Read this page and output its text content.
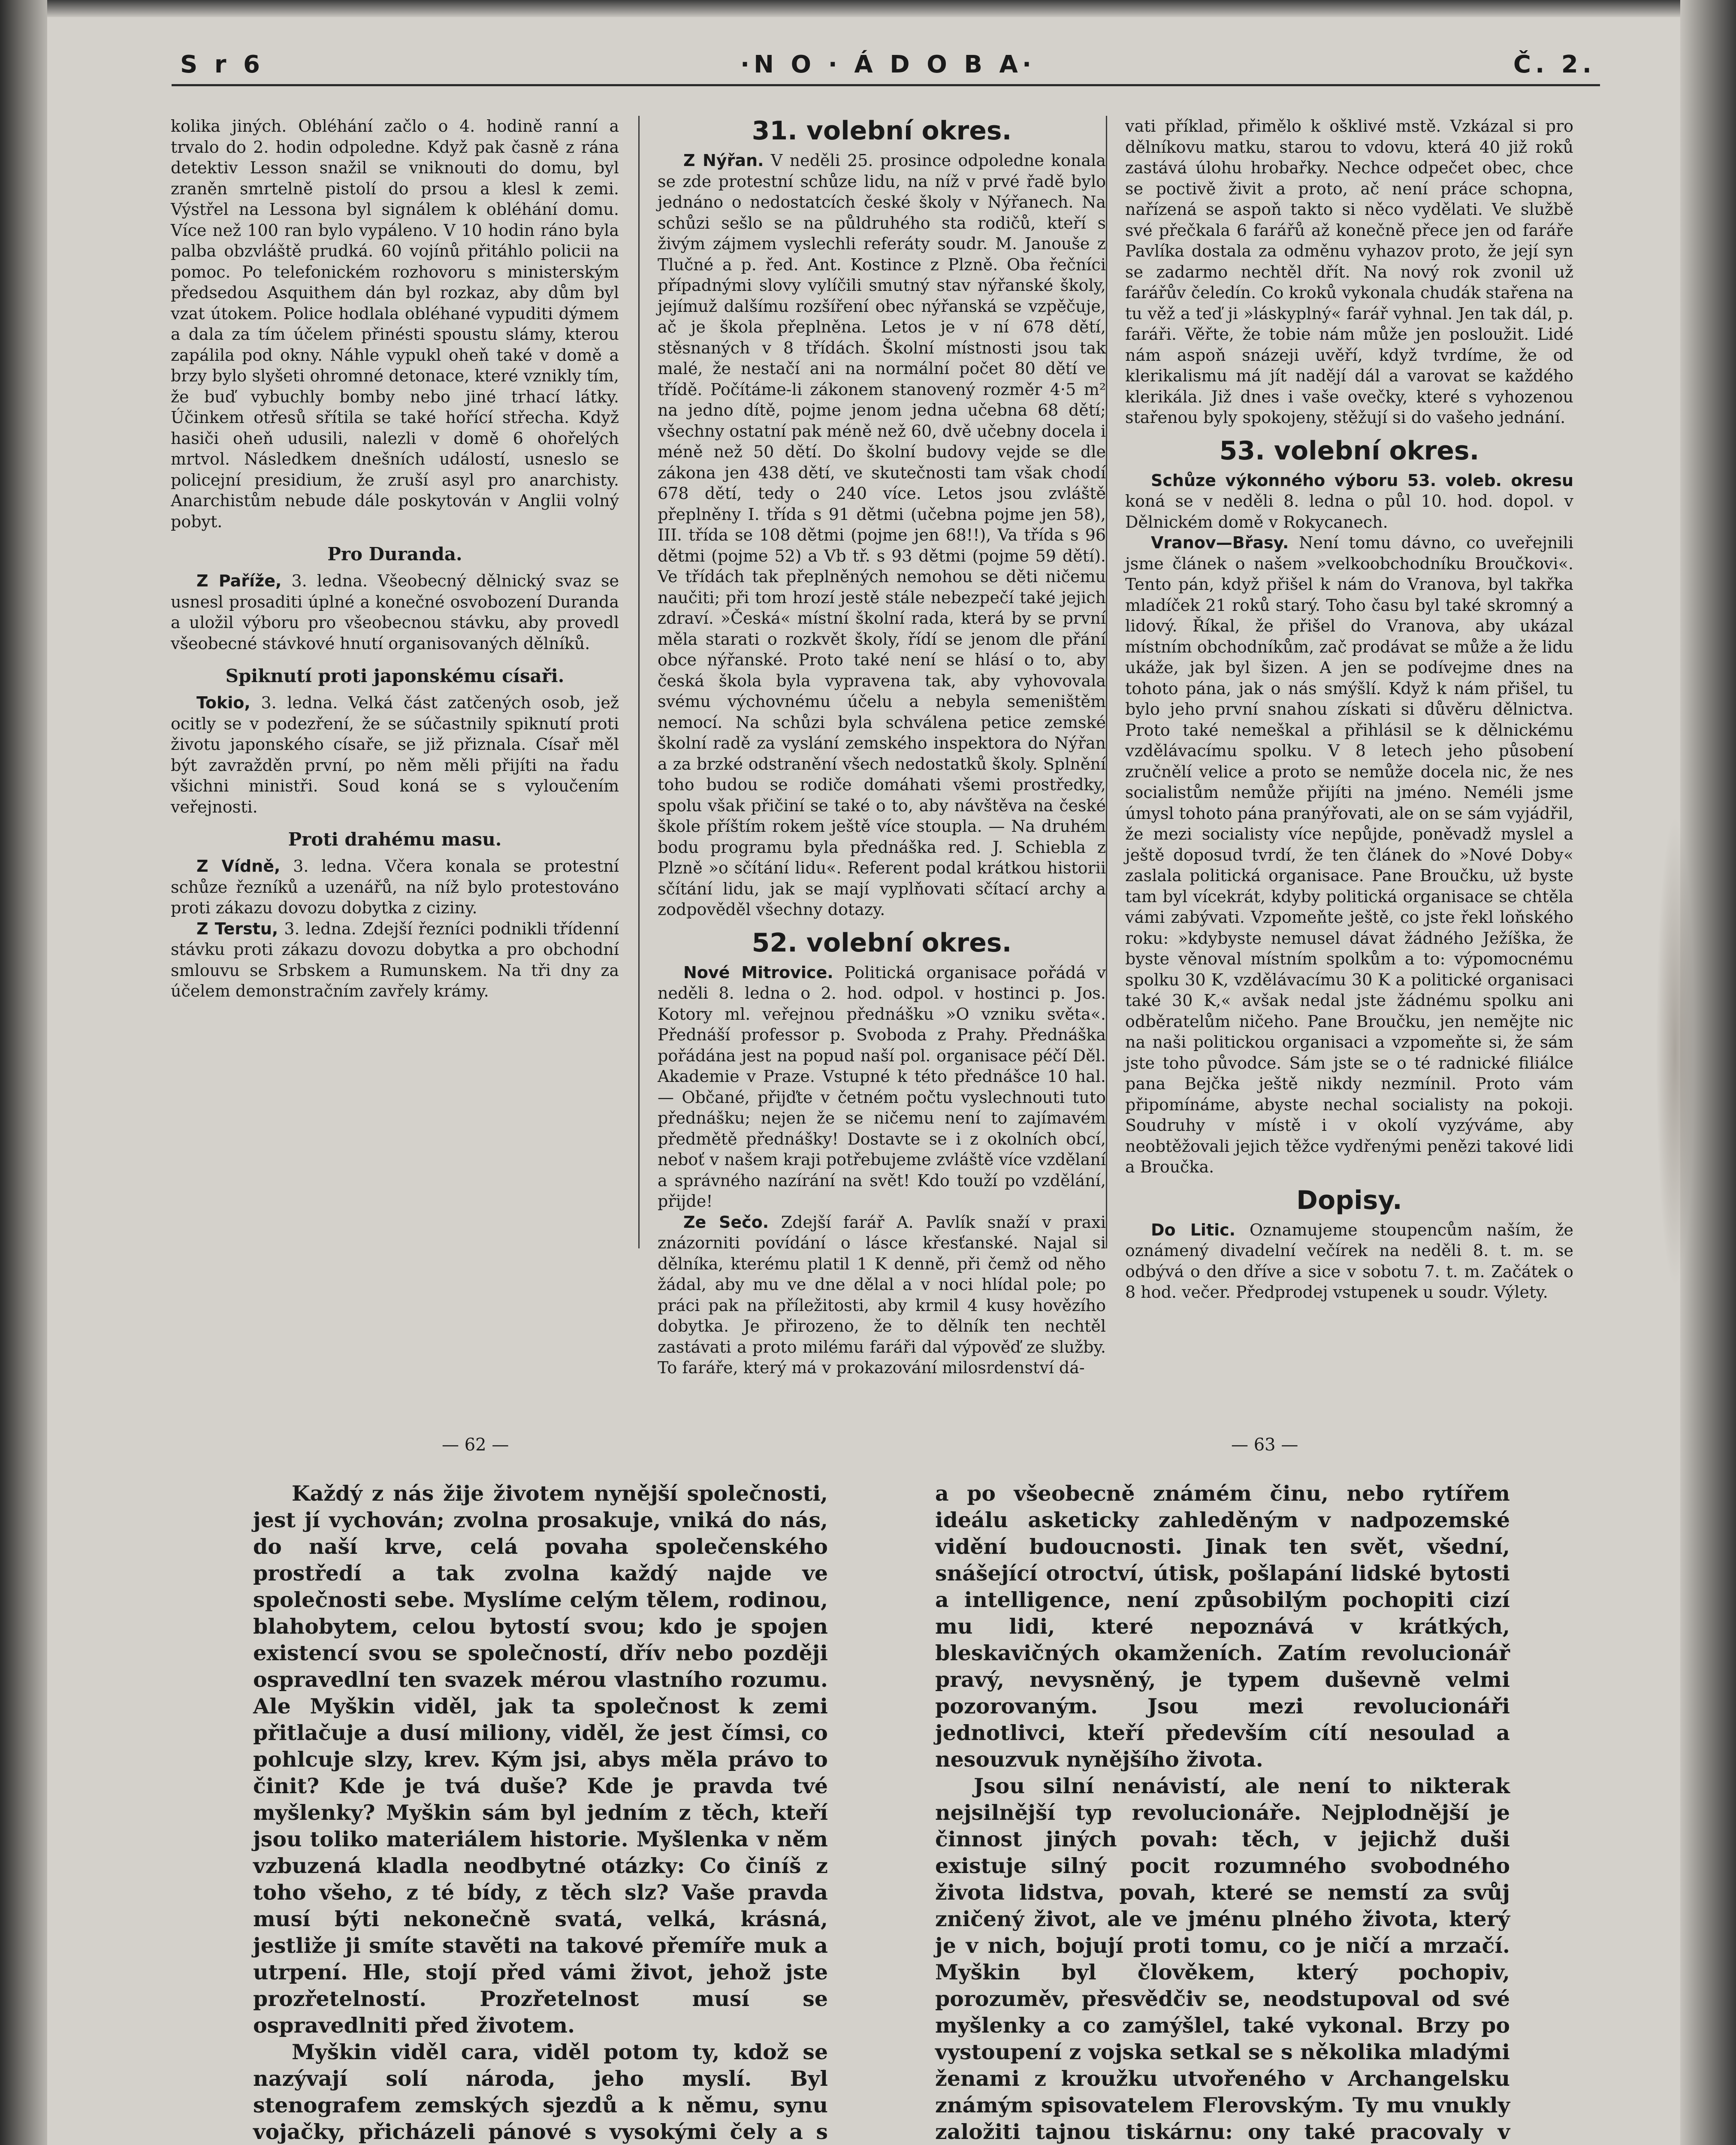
S r 6	·N O · Á D O B A·	Č. 2.

kolika jiných. Obléhání začlo o 4. hodině ranní a trvalo do 2. hodin odpoledne. Když pak časně z rána detektiv Lesson snažil se vniknouti do domu, byl zraněn smrtelně pistolí do prsou a klesl k zemi. Výstřel na Lessona byl signálem k obléhání domu. Více než 100 ran bylo vypáleno. V 10 hodin ráno byla palba obzvláště prudká. 60 vojínů přitáhlo policii na pomoc. Po telefonickém rozhovoru s ministerským předsedou Asquithem dán byl rozkaz, aby dům byl vzat útokem. Police hodlala obléhané vypuditi dýmem a dala za tím účelem přinésti spoustu slámy, kterou zapálila pod okny. Náhle vypukl oheň také v domě a brzy bylo slyšeti ohromné detonace, které vznikly tím, že buď vybuchly bomby nebo jiné trhací látky. Účinkem otřesů sřítila se také hořící střecha. Když hasiči oheň udusili, nalezli v domě 6 ohořelých mrtvol. Následkem dnešních událostí, usneslo se policejní presidium, že zruší asyl pro anarchisty. Anarchistům nebude dále poskytován v Anglii volný pobyt.

Pro Duranda.

Z Paříže, 3. ledna. Všeobecný dělnický svaz se usnesl prosaditi úplné a konečné osvobození Duranda a uložil výboru pro všeobecnou stávku, aby provedl všeobecné stávkové hnutí organisovaných dělníků.

Spiknutí proti japonskému císaři.

Tokio, 3. ledna. Velká část zatčených osob, jež ocitly se v podezření, že se súčastnily spiknutí proti životu japonského císaře, se již přiznala. Císař měl být zavražděn první, po něm měli přijíti na řadu všichni ministři. Soud koná se s vyloučením veřejnosti.

Proti drahému masu.

Z Vídně, 3. ledna. Včera konala se protestní schůze řezníků a uzenářů, na níž bylo protestováno proti zákazu dovozu dobytka z ciziny.

Z Terstu, 3. ledna. Zdejší řezníci podnikli třídenní stávku proti zákazu dovozu dobytka a pro obchodní smlouvu se Srbskem a Rumunskem. Na tři dny za účelem demonstračním zavřely krámy.

31. volební okres.

Z Nýřan. V neděli 25. prosince odpoledne konala se zde protestní schůze lidu, na níž v prvé řadě bylo jednáno o nedostatcích české školy v Nýřanech. Na schůzi sešlo se na půldruhého sta rodičů, kteří s živým zájmem vyslechli referáty soudr. M. Janouše z Tlučné a p. řed. Ant. Kostince z Plzně. Oba řečníci případnými slovy vylíčili smutný stav nýřanské školy, jejímuž dalšímu rozšíření obec nýřanská se vzpěčuje, ač je škola přeplněna. Letos je v ní 678 dětí, stěsnaných v 8 třídách. Školní místnosti jsou tak malé, že nestačí ani na normální počet 80 dětí ve třídě. Počítáme-li zákonem stanovený rozměr 4·5 m² na jedno dítě, pojme jenom jedna učebna 68 dětí; všechny ostatní pak méně než 60, dvě učebny docela i méně než 50 dětí. Do školní budovy vejde se dle zákona jen 438 dětí, ve skutečnosti tam však chodí 678 dětí, tedy o 240 více. Letos jsou zvláště přeplněny I. třída s 91 dětmi (učebna pojme jen 58), III. třída se 108 dětmi (pojme jen 68!!), Va třída s 96 dětmi (pojme 52) a Vb tř. s 93 dětmi (pojme 59 dětí). Ve třídách tak přeplněných nemohou se děti ničemu naučiti; při tom hrozí jestě stále nebezpečí také jejich zdraví. »Česká« místní školní rada, která by se první měla starati o rozkvět školy, řídí se jenom dle přání obce nýřanské. Proto také není se hlásí o to, aby česká škola byla vypravena tak, aby vyhovovala svému výchovnému účelu a nebyla semeništěm nemocí. Na schůzi byla schválena petice zemské školní radě za vyslání zemského inspektora do Nýřan a za brzké odstranění všech nedostatků školy. Splnění toho budou se rodiče domáhati všemi prostředky, spolu však přičiní se také o to, aby návštěva na české škole příštím rokem ještě více stoupla. — Na druhém bodu programu byla přednáška red. J. Schiebla z Plzně »o sčítání lidu«. Referent podal krátkou historii sčítání lidu, jak se mají vyplňovati sčítací archy a zodpověděl všechny dotazy.

52. volební okres.

Nové Mitrovice. Politická organisace pořádá v neděli 8. ledna o 2. hod. odpol. v hostinci p. Jos. Kotory ml. veřejnou přednášku »O vzniku světa«. Přednáší professor p. Svoboda z Prahy. Přednáška pořádána jest na popud naší pol. organisace péčí Děl. Akademie v Praze. Vstupné k této přednášce 10 hal. — Občané, přijďte v četném počtu vyslechnouti tuto přednášku; nejen že se ničemu není to zajímavém předmětě přednášky! Dostavte se i z okolních obcí, neboť v našem kraji potřebujeme zvláště více vzdělaní a správného nazírání na svět! Kdo touží po vzdělání, přijde!

Ze Sečo. Zdejší farář A. Pavlík snaží v praxi znázorniti povídání o lásce křesťanské. Najal si dělníka, kterému platil 1 K denně, při čemž od něho žádal, aby mu ve dne dělal a v noci hlídal pole; po práci pak na příležitosti, aby krmil 4 kusy hovězího dobytka. Je přirozeno, že to dělník ten nechtěl zastávati a proto milému faráři dal výpověď ze služby. To faráře, který má v prokazování milosrdenství dá-

vati příklad, přimělo k ošklivé mstě. Vzkázal si pro dělníkovu matku, starou to vdovu, která 40 již roků zastává úlohu hrobařky. Nechce odpečet obec, chce se poctivě živit a proto, ač není práce schopna, nařízená se aspoň takto si něco vydělati. Ve službě své přečkala 6 farářů až konečně přece jen od faráře Pavlíka dostala za odměnu vyhazov proto, že její syn se zadarmo nechtěl dřít. Na nový rok zvonil už farářův čeledín. Co kroků vykonala chudák stařena na tu věž a teď ji »láskyplný« farář vyhnal. Jen tak dál, p. faráři. Věřte, že tobie nám může jen posloužit. Lidé nám aspoň snázeji uvěří, když tvrdíme, že od klerikalismu má jít nadějí dál a varovat se každého klerikála. Již dnes i vaše ovečky, které s vyhozenou stařenou byly spokojeny, stěžují si do vašeho jednání.

53. volební okres.

Schůze výkonného výboru 53. voleb. okresu koná se v neděli 8. ledna o půl 10. hod. dopol. v Dělnickém domě v Rokycanech.

Vranov—Břasy. Není tomu dávno, co uveřejnili jsme článek o našem »velkoobchodníku Broučkovi«. Tento pán, když přišel k nám do Vranova, byl takřka mladíček 21 roků starý. Toho času byl také skromný a lidový. Říkal, že přišel do Vranova, aby ukázal místním obchodníkům, zač prodávat se může a že lidu ukáže, jak byl šizen. A jen se podívejme dnes na tohoto pána, jak o nás smýšlí. Když k nám přišel, tu bylo jeho první snahou získati si důvěru dělnictva. Proto také nemeškal a přihlásil se k dělnickému vzdělávacímu spolku. V 8 letech jeho působení zručnělí velice a proto se nemůže docela nic, že nes socialistům nemůže přijíti na jméno. Neméli jsme úmysl tohoto pána pranýřovati, ale on se sám vyjádřil, že mezi socialisty více nepůjde, poněvadž myslel a ještě doposud tvrdí, že ten článek do »Nové Doby« zaslala politická organisace. Pane Broučku, už byste tam byl vícekrát, kdyby politická organisace se chtěla vámi zabývati. Vzpomeňte ještě, co jste řekl loňského roku: »kdybyste nemusel dávat žádného Ježíška, že byste věnoval místním spolkům a to: výpomocnému spolku 30 K, vzdělávacímu 30 K a politické organisaci také 30 K,« avšak nedal jste žádnému spolku ani odběratelům ničeho. Pane Broučku, jen nemějte nic na naši politickou organisaci a vzpomeňte si, že sám jste toho původce. Sám jste se o té radnické filiálce pana Bejčka ještě nikdy nezmínil. Proto vám připomínáme, abyste nechal socialisty na pokoji. Soudruhy v místě i v okolí vyzýváme, aby neobtěžovali jejich těžce vydřenými penězi takové lidi a Broučka.

Dopisy.

Do Litic. Oznamujeme stoupencům naším, že oznámený divadelní večírek na neděli 8. t. m. se odbývá o den dříve a sice v sobotu 7. t. m. Začátek o 8 hod. večer. Předprodej vstupenek u soudr. Výlety.

— 62 —	— 63 —

Každý z nás žije životem nynější společnosti, jest jí vychován; zvolna prosakuje, vniká do nás, do naší krve, celá povaha společenského prostředí a tak zvolna každý najde ve společnosti sebe. Myslíme celým tělem, rodinou, blahobytem, celou bytostí svou; kdo je spojen existencí svou se společností, dřív nebo později ospravedlní ten svazek mérou vlastního rozumu. Ale Myškin viděl, jak ta společnost k zemi přitlačuje a dusí miliony, viděl, že jest čímsi, co pohlcuje slzy, krev. Kým jsi, abys měla právo to činit? Kde je tvá duše? Kde je pravda tvé myšlenky? Myškin sám byl jedním z těch, kteří jsou toliko materiálem historie. Myšlenka v něm vzbuzená kladla neodbytné otázky: Co činíš z toho všeho, z té bídy, z těch slz? Vaše pravda musí býti nekonečně svatá, velká, krásná, jestliže ji smíte stavěti na takové přemíře muk a utrpení. Hle, stojí před vámi život, jehož jste prozřetelností. Prozřetelnost musí se ospravedlniti před životem.

Myškin viděl cara, viděl potom ty, kdož se nazývají solí národa, jeho myslí. Byl stenografem zemských sjezdů a k němu, synu vojačky, přicházeli pánové s vysokými čely a s

a po všeobecně známém činu, nebo rytířem ideálu asketicky zahleděným v nadpozemské vidění budoucnosti. Jinak ten svět, všední, snášející otroctví, útisk, pošlapání lidské bytosti a intelligence, není způsobilým pochopiti cizí mu lidi, které nepoznává v krátkých, bleskavičných okamženích. Zatím revolucionář pravý, nevysněný, je typem duševně velmi pozorovaným. Jsou mezi revolucionáři jednotlivci, kteří především cítí nesoulad a nesouzvuk nynějšího života.

Jsou silní nenávistí, ale není to nikterak nejsilnější typ revolucionáře. Nejplodnější je činnost jiných povah: těch, v jejichž duši existuje silný pocit rozumného svobodného života lidstva, povah, které se nemstí za svůj zničený život, ale ve jménu plného života, který je v nich, bojují proti tomu, co je ničí a mrzačí. Myškin byl člověkem, který pochopiv, porozuměv, přesvědčiv se, neodstupoval od své myšlenky a co zamýšlel, také vykonal. Brzy po vystoupení z vojska setkal se s několika mladými ženami z kroužku utvořeného v Archangelsku známým spisovatelem Flerovským. Ty mu vnukly založiti tajnou tiskárnu: ony také pracovaly v
